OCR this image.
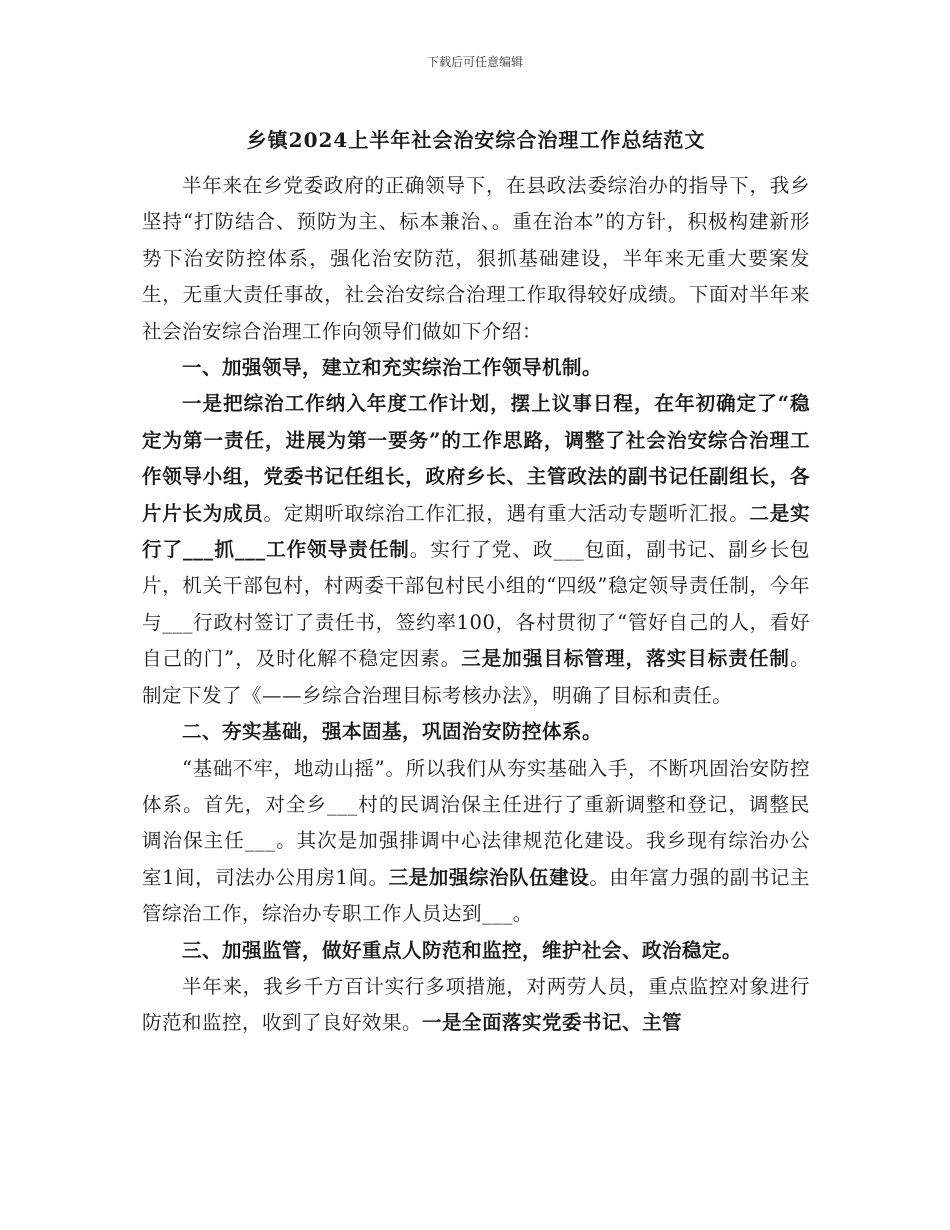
下载后可任意编辑
乡镇2024上半年社会治安综合治理工作总结范文

半年来在乡党委政府的正确领导下，在县政法委综治办的指导下，我乡坚持“打防结合、预防为主、标本兼治、。重在治本”的方针，积极构建新形势下治安防控体系，强化治安防范，狠抓基础建设，半年来无重大要案发生，无重大责任事故，社会治安综合治理工作取得较好成绩。下面对半年来社会治安综合治理工作向领导们做如下介绍：

一、加强领导，建立和充实综治工作领导机制。

一是把综治工作纳入年度工作计划，摆上议事日程，在年初确定了“稳定为第一责任，进展为第一要务”的工作思路，调整了社会治安综合治理工作领导小组，党委书记任组长，政府乡长、主管政法的副书记任副组长，各片片长为成员。定期听取综治工作汇报，遇有重大活动专题听汇报。二是实行了___抓___工作领导责任制。实行了党、政___包面，副书记、副乡长包片，机关干部包村，村两委干部包村民小组的“四级”稳定领导责任制，今年与___行政村签订了责任书，签约率100，各村贯彻了“管好自己的人，看好自己的门”，及时化解不稳定因素。三是加强目标管理，落实目标责任制。制定下发了《——乡综合治理目标考核办法》，明确了目标和责任。

二、夯实基础，强本固基，巩固治安防控体系。

“基础不牢，地动山摇”。所以我们从夯实基础入手，不断巩固治安防控体系。首先，对全乡___村的民调治保主任进行了重新调整和登记，调整民调治保主任___。其次是加强排调中心法律规范化建设。我乡现有综治办公室1间，司法办公用房1间。三是加强综治队伍建设。由年富力强的副书记主管综治工作，综治办专职工作人员达到___。

三、加强监管，做好重点人防范和监控，维护社会、政治稳定。

半年来，我乡千方百计实行多项措施，对两劳人员，重点监控对象进行防范和监控，收到了良好效果。一是全面落实党委书记、主管
